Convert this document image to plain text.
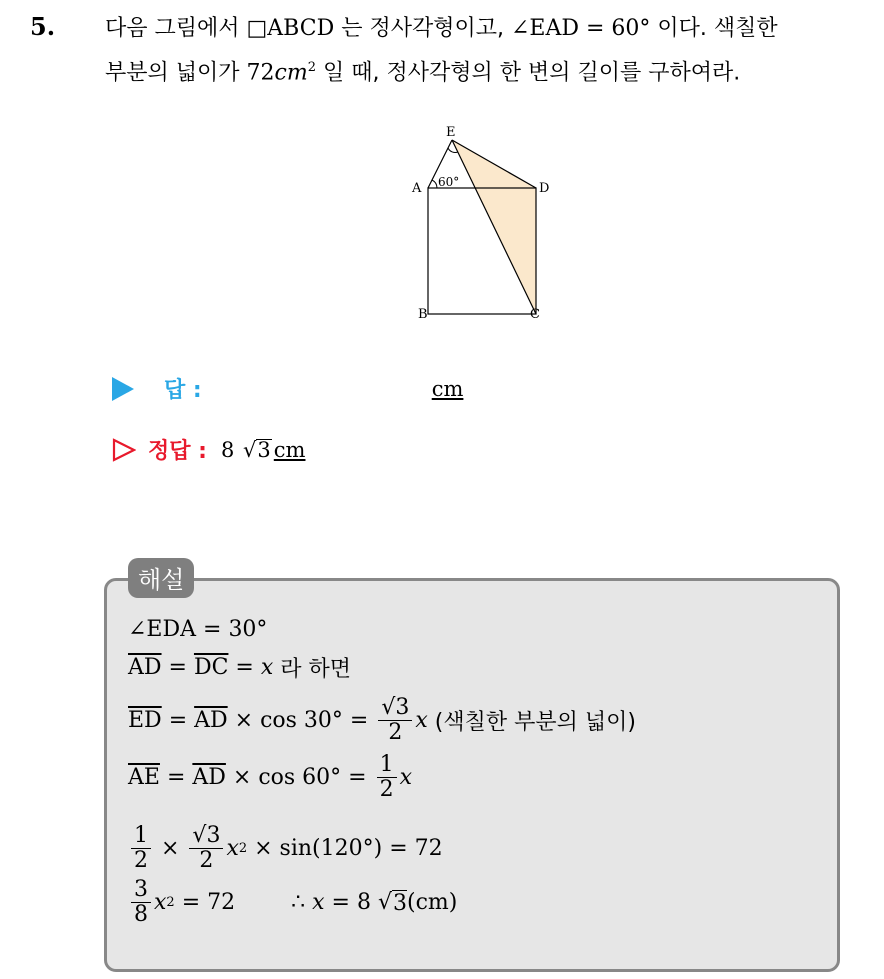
5. 다음 그림에서 □ABCD 는 정사각형이고, ∠EAD = 60° 이다. 색칠한
부분의 넓이가 $72cm^2$ 일 때, 정사각형의 한 변의 길이를 구하여라.
E
A	D
B	C
60°
답 :	cm
정답 : 8 √3 cm
해설
∠EDA = 30°
$\overline{AD} = \overline{DC} = x$ 라 하면
$\overline{ED} = \overline{AD} \times \cos 30^\circ = \frac{√3}{2}$ x (색칠한 부분의 넓이)
$\overline{AE} = \overline{AD} \times \cos 60^\circ = \frac{1}{2}$ x
$\frac{1}{2} \times \frac{√3}{2}$ x 2 × sin(120°) = 72
$\frac{3}{8}$ x 2 = 72	∴ x = 8 √ 3 (cm)
